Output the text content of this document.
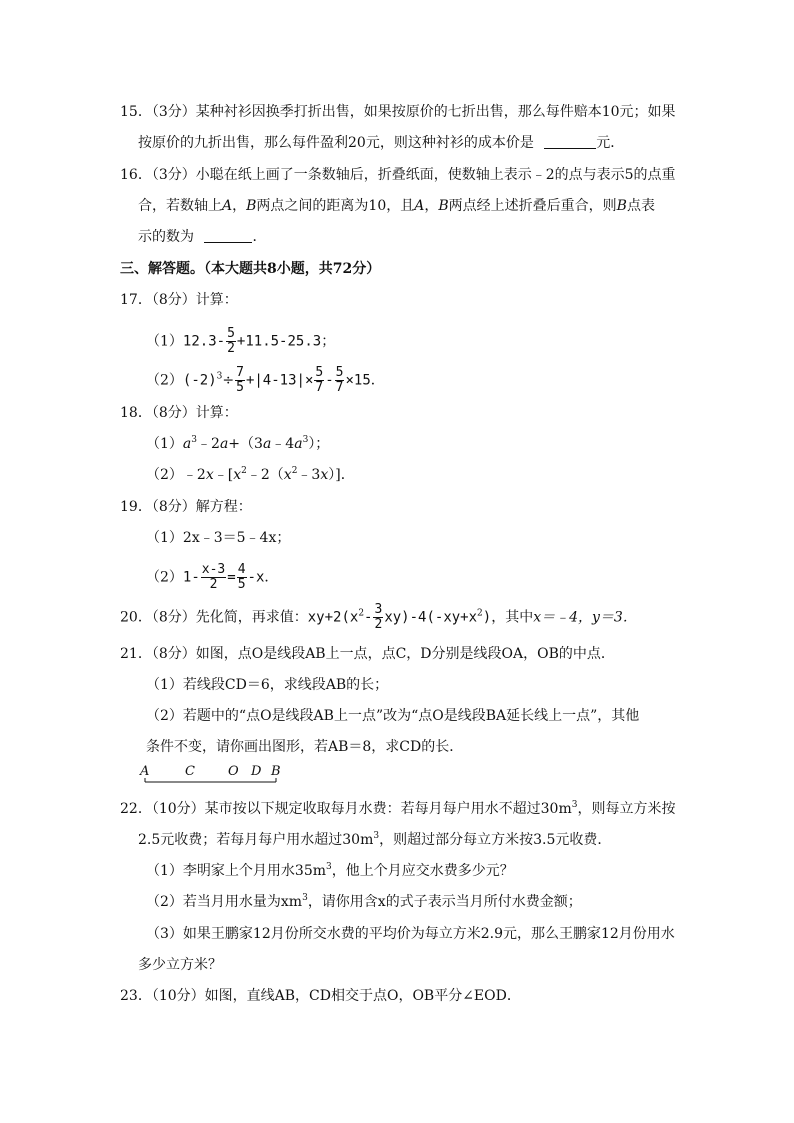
15．（3分）某种衬衫因换季打折出售，如果按原价的七折出售，那么每件赔本10元；如果
按原价的九折出售，那么每件盈利20元，则这种衬衫的成本价是	元．
16．（3分）小聪在纸上画了一条数轴后，折叠纸面，使数轴上表示﹣2的点与表示5的点重
合，若数轴上A，B两点之间的距离为10，且A，B两点经上述折叠后重合，则B点表
示的数为	．
三、解答题。（本大题共8小题，共72分）
17．（8分）计算：
$(1)12.3- \frac{5}{2} +11.5-25.3$；
$(2)(-2)^3\div \frac{7}{5} +|4-13|\times \frac{5}{7} - \frac{5}{7} \times 15$．
18．（8分）计算：
$(1)a^3﹣2a+(3a﹣4a^3)$；
$(2)﹣2x﹣[x^2﹣2(x^2﹣3x)]$．
19．（8分）解方程：
（1）2x﹣3＝5﹣4x；
$(2)1- \frac{x-3}{2} = \frac{4}{5} -x$．
20．（8分）先化简，再求值：$xy+2(x^2- \frac{3}{2} xy)-4(-xy+x^2)$，其中x＝﹣4，y＝3．
21．（8分）如图，点O是线段AB上一点，点C，D分别是线段OA，OB的中点．
（1）若线段CD＝6，求线段AB的长；
（2）若题中的“点O是线段AB上一点”改为“点O是线段BA延长线上一点”，其他
条件不变，请你画出图形，若AB＝8，求CD的长．
A	C	O D B
22．（10分）某市按以下规定收取每月水费：若每月每户用水不超过$30m^3$，则每立方米按
2.5元收费；若每月每户用水超过$30m^3$，则超过部分每立方米按3.5元收费．
（1）李明家上个月用水$35m^3$，他上个月应交水费多少元？
（2）若当月用水量为$xm^3$，请你用含x的式子表示当月所付水费金额；
（3）如果王鹏家12月份所交水费的平均价为每立方米2.9元，那么王鹏家12月份用水
多少立方米？
23．（10分）如图，直线AB，CD相交于点O，OB平分∠EOD．
